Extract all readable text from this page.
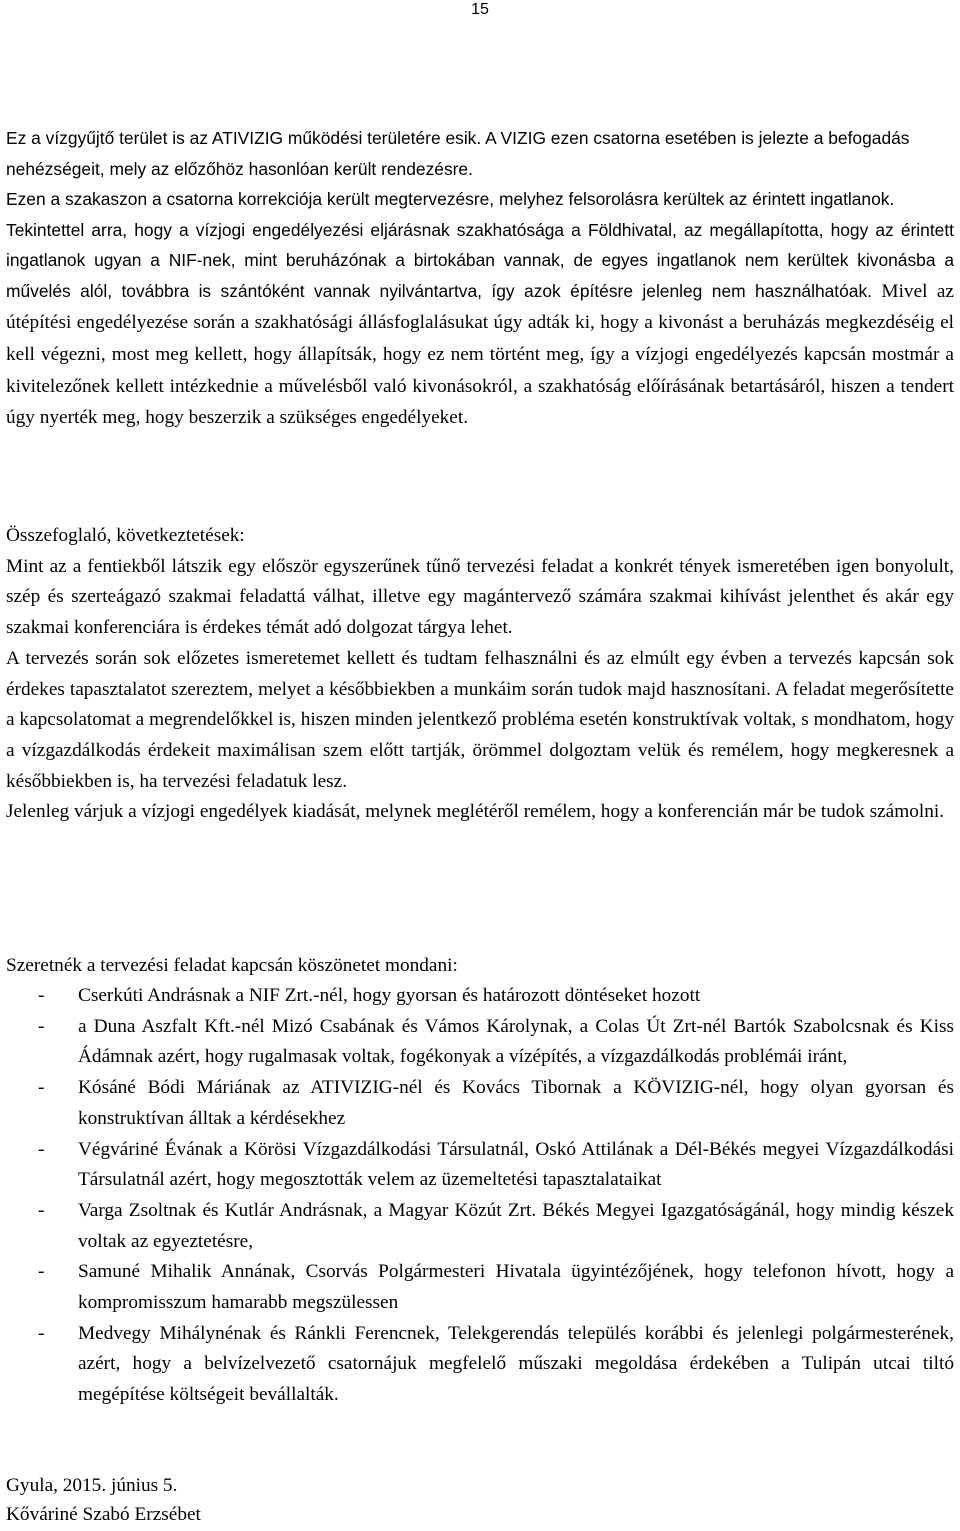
15

Ez a vízgyűjtő terület is az ATIVIZIG működési területére esik. A VIZIG ezen csatorna esetében is jelezte a befogadás nehézségeit, mely az előzőhöz hasonlóan került rendezésre.

Ezen a szakaszon a csatorna korrekciója került megtervezésre, melyhez felsorolásra kerültek az érintett ingatlanok.

Tekintettel arra, hogy a vízjogi engedélyezési eljárásnak szakhatósága a Földhivatal, az megállapította, hogy az érintett ingatlanok ugyan a NIF-nek, mint beruházónak a birtokában vannak, de egyes ingatlanok nem kerültek kivonásba a művelés alól, továbbra is szántóként vannak nyilvántartva, így azok építésre jelenleg nem használhatóak. Mivel az útépítési engedélyezése során a szakhatósági állásfoglalásukat úgy adták ki, hogy a kivonást a beruházás megkezdéséig el kell végezni, most meg kellett, hogy állapítsák, hogy ez nem történt meg, így a vízjogi engedélyezés kapcsán mostmár a kivitelezőnek kellett intézkednie a művelésből való kivonásokról, a szakhatóság előírásának betartásáról, hiszen a tendert úgy nyerték meg, hogy beszerzik a szükséges engedélyeket.

Összefoglaló, következtetések:

Mint az a fentiekből látszik egy először egyszerűnek tűnő tervezési feladat a konkrét tények ismeretében igen bonyolult, szép és szerteágazó szakmai feladattá válhat, illetve egy magántervező számára szakmai kihívást jelenthet és akár egy szakmai konferenciára is érdekes témát adó dolgozat tárgya lehet.

A tervezés során sok előzetes ismeretemet kellett és tudtam felhasználni és az elmúlt egy évben a tervezés kapcsán sok érdekes tapasztalatot szereztem, melyet a későbbiekben a munkáim során tudok majd hasznosítani. A feladat megerősítette a kapcsolatomat a megrendelőkkel is, hiszen minden jelentkező probléma esetén konstruktívak voltak, s mondhatom, hogy a vízgazdálkodás érdekeit maximálisan szem előtt tartják, örömmel dolgoztam velük és remélem, hogy megkeresnek a későbbiekben is, ha tervezési feladatuk lesz.

Jelenleg várjuk a vízjogi engedélyek kiadását, melynek meglétéről remélem, hogy a konferencián már be tudok számolni.

Szeretnék a tervezési feladat kapcsán köszönetet mondani:
- Cserkúti Andrásnak a NIF Zrt.-nél, hogy gyorsan és határozott döntéseket hozott
- a Duna Aszfalt Kft.-nél Mizó Csabának és Vámos Károlynak, a Colas Út Zrt-nél Bartók Szabolcsnak és Kiss Ádámnak azért, hogy rugalmasak voltak, fogékonyak a vízépítés, a vízgazdálkodás problémái iránt,
- Kósáné Bódi Máriának az ATIVIZIG-nél és Kovács Tibornak a KÖVIZIG-nél, hogy olyan gyorsan és konstruktívan álltak a kérdésekhez
- Végváriné Évának a Körösi Vízgazdálkodási Társulatnál, Oskó Attilának a Dél-Békés megyei Vízgazdálkodási Társulatnál azért, hogy megosztották velem az üzemeltetési tapasztalataikat
- Varga Zsoltnak és Kutlár Andrásnak, a Magyar Közút Zrt. Békés Megyei Igazgatóságánál, hogy mindig készek voltak az egyeztetésre,
- Samuné Mihalik Annának, Csorvás Polgármesteri Hivatala ügyintézőjének, hogy telefonon hívott, hogy a kompromisszum hamarabb megszülessen
- Medvegy Mihálynénak és Ránkli Ferencnek, Telekgerendás település korábbi és jelenlegi polgármesterének, azért, hogy a belvízelvezető csatornájuk megfelelő műszaki megoldása érdekében a Tulipán utcai tiltó megépítése költségeit bevállalták.
Gyula, 2015. június 5.
Kőváriné Szabó Erzsébet
